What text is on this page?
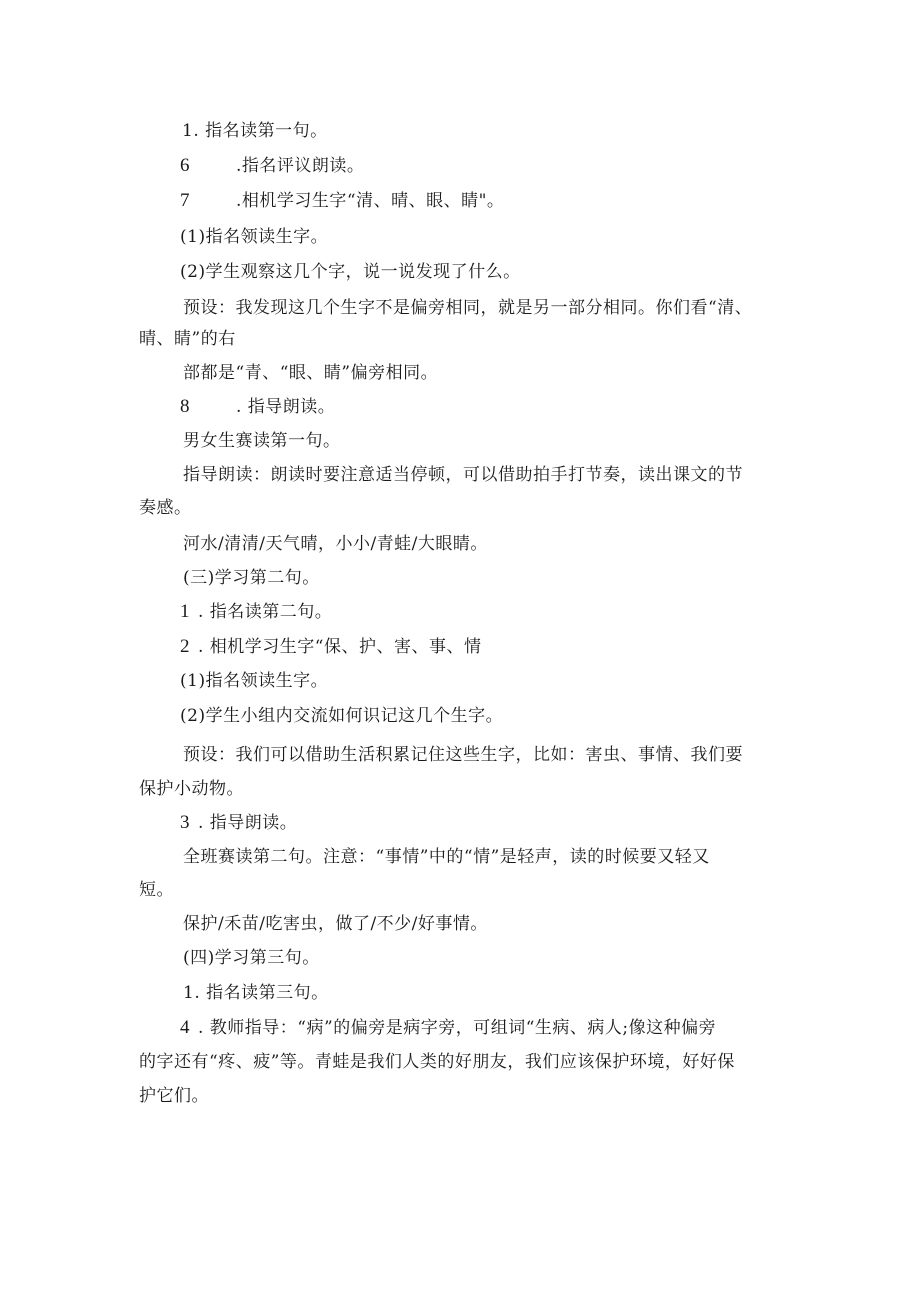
1. 指名读第一句。
6	.指名评议朗读。
7	.相机学习生字“清、晴、眼、睛"。
(1)指名领读生字。
(2)学生观察这几个字，说一说发现了什么。
预设：我发现这几个生字不是偏旁相同，就是另一部分相同。你们看“清、
晴、睛”的右
部都是“青、“眼、睛”偏旁相同。
8	. 指导朗读。
男女生赛读第一句。
指导朗读：朗读时要注意适当停顿，可以借助拍手打节奏，读出课文的节
奏感。
河水/清清/天气晴，小小/青蛙/大眼睛。
(三)学习第二句。
1 . 指名读第二句。
2 . 相机学习生字“保、护、害、事、情
(1)指名领读生字。
(2)学生小组内交流如何识记这几个生字。
预设：我们可以借助生活积累记住这些生字，比如：害虫、事情、我们要
保护小动物。
3 . 指导朗读。
全班赛读第二句。注意：“事情”中的“情”是轻声，读的时候要又轻又
短。
保护/禾苗/吃害虫，做了/不少/好事情。
(四)学习第三句。
1. 指名读第三句。
4 . 教师指导：“病”的偏旁是病字旁，可组词“生病、病人;像这种偏旁
的字还有“疼、疲”等。青蛙是我们人类的好朋友，我们应该保护环境，好好保
护它们。
